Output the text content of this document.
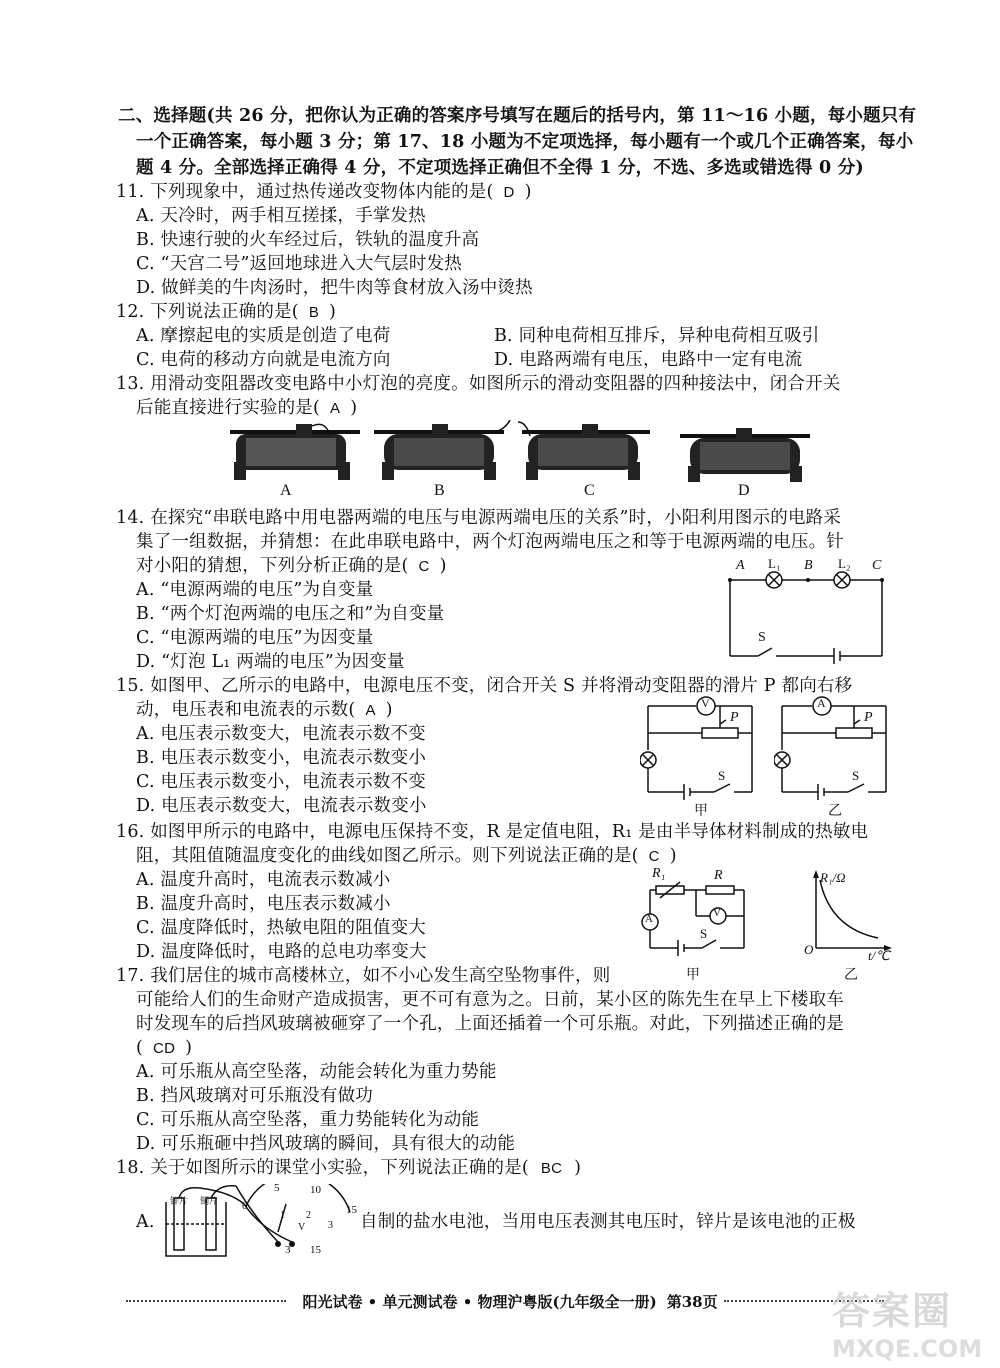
二、选择题(共 26 分，把你认为正确的答案序号填写在题后的括号内，第 11～16 小题，每小题只有
一个正确答案，每小题 3 分；第 17、18 小题为不定项选择，每小题有一个或几个正确答案，每小
题 4 分。全部选择正确得 4 分，不定项选择正确但不全得 1 分，不选、多选或错选得 0 分)
11. 下列现象中，通过热传递改变物体内能的是( D )
A. 天冷时，两手相互搓揉，手掌发热
B. 快速行驶的火车经过后，铁轨的温度升高
C. “天宫二号”返回地球进入大气层时发热
D. 做鲜美的牛肉汤时，把牛肉等食材放入汤中烫热
12. 下列说法正确的是( B )
A. 摩擦起电的实质是创造了电荷	B. 同种电荷相互排斥，异种电荷相互吸引
C. 电荷的移动方向就是电流方向	D. 电路两端有电压，电路中一定有电流
13. 用滑动变阻器改变电路中小灯泡的亮度。如图所示的滑动变阻器的四种接法中，闭合开关
后能直接进行实验的是( A )
A	B	C	D
14. 在探究“串联电路中用电器两端的电压与电源两端电压的关系”时，小阳利用图示的电路采
集了一组数据，并猜想：在此串联电路中，两个灯泡两端电压之和等于电源两端的电压。针
对小阳的猜想，下列分析正确的是( C )
A. “电源两端的电压”为自变量
B. “两个灯泡两端的电压之和”为自变量
C. “电源两端的电压”为因变量
D. “灯泡 L₁ 两端的电压”为因变量
A L₁ B L₂ C
S
15. 如图甲、乙所示的电路中，电源电压不变，闭合开关 S 并将滑动变阻器的滑片 P 都向右移
动，电压表和电流表的示数( A )
A. 电压表示数变大，电流表示数不变
B. 电压表示数变小，电流表示数变小
C. 电压表示数变小，电流表示数不变
D. 电压表示数变大，电流表示数变小
V
P
S
甲
A
P
S
乙
16. 如图甲所示的电路中，电源电压保持不变，R 是定值电阻，R₁ 是由半导体材料制成的热敏电
阻，其阻值随温度变化的曲线如图乙所示。则下列说法正确的是( C )
A. 温度升高时，电流表示数减小
B. 温度升高时，电压表示数减小
C. 温度降低时，热敏电阻的阻值变大
D. 温度降低时，电路的总电功率变大
R₁	R
A	V
S
甲
R₁/Ω
O	t/℃
乙
17. 我们居住的城市高楼林立，如不小心发生高空坠物事件，则
可能给人们的生命财产造成损害，更不可有意为之。日前，某小区的陈先生在早上下楼取车
时发现车的后挡风玻璃被砸穿了一个孔，上面还插着一个可乐瓶。对此，下列描述正确的是
( CD )
A. 可乐瓶从高空坠落，动能会转化为重力势能
B. 挡风玻璃对可乐瓶没有做功
C. 可乐瓶从高空坠落，重力势能转化为动能
D. 可乐瓶砸中挡风玻璃的瞬间，具有很大的动能
18. 关于如图所示的课堂小实验，下列说法正确的是( BC )
A.
锌片 铜片 0
5	10
15
1 2
3
V
3 15
自制的盐水电池，当用电压表测其电压时，锌片是该电池的正极
阳光试卷 • 单元测试卷 • 物理沪粤版(九年级全一册) 第38页	答案圈
MXQE.COM
